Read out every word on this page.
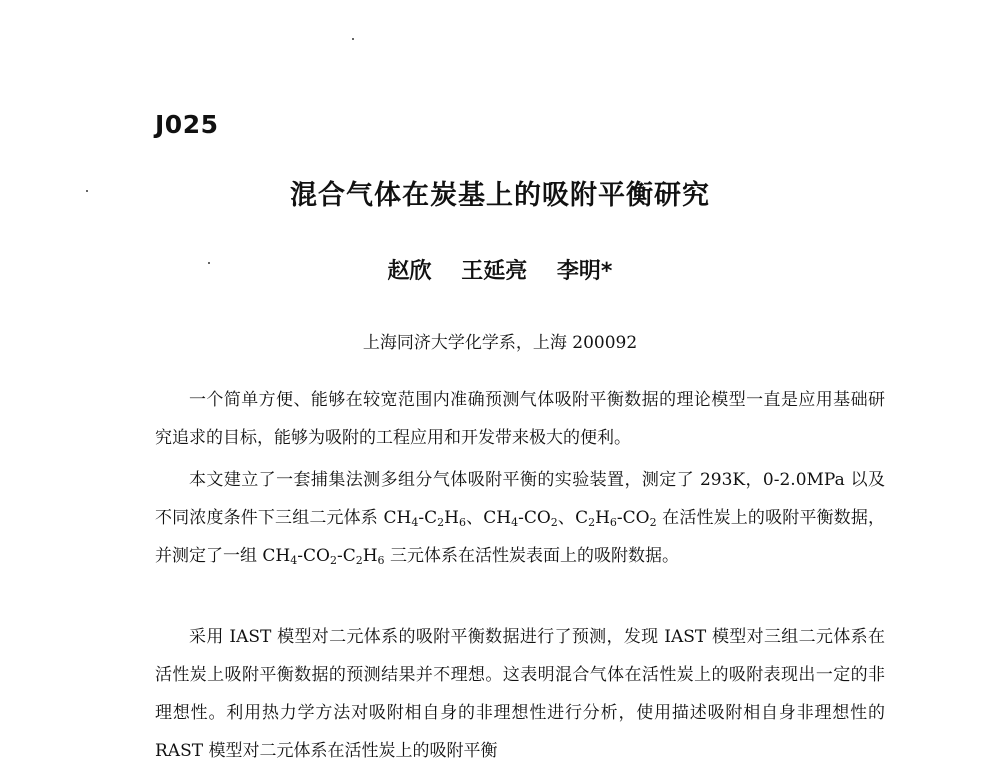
J025
混合气体在炭基上的吸附平衡研究
赵欣 王延亮 李明*
上海同济大学化学系，上海 200092

一个简单方便、能够在较宽范围内准确预测气体吸附平衡数据的理论模型一直是应用基础研究追求的目标，能够为吸附的工程应用和开发带来极大的便利。

本文建立了一套捕集法测多组分气体吸附平衡的实验装置，测定了 293K，0-2.0MPa 以及不同浓度条件下三组二元体系 $CH_4-C_2H_6$、$CH_4-CO_2$、$C_2H_6-CO_2$ 在活性炭上的吸附平衡数据，并测定了一组 $CH_4-CO_2-C_2H_6$ 三元体系在活性炭表面上的吸附数据。

采用 IAST 模型对二元体系的吸附平衡数据进行了预测，发现 IAST 模型对三组二元体系在活性炭上吸附平衡数据的预测结果并不理想。这表明混合气体在活性炭上的吸附表现出一定的非理想性。利用热力学方法对吸附相自身的非理想性进行分析，使用描述吸附相自身非理想性的 RAST 模型对二元体系在活性炭上的吸附平衡
